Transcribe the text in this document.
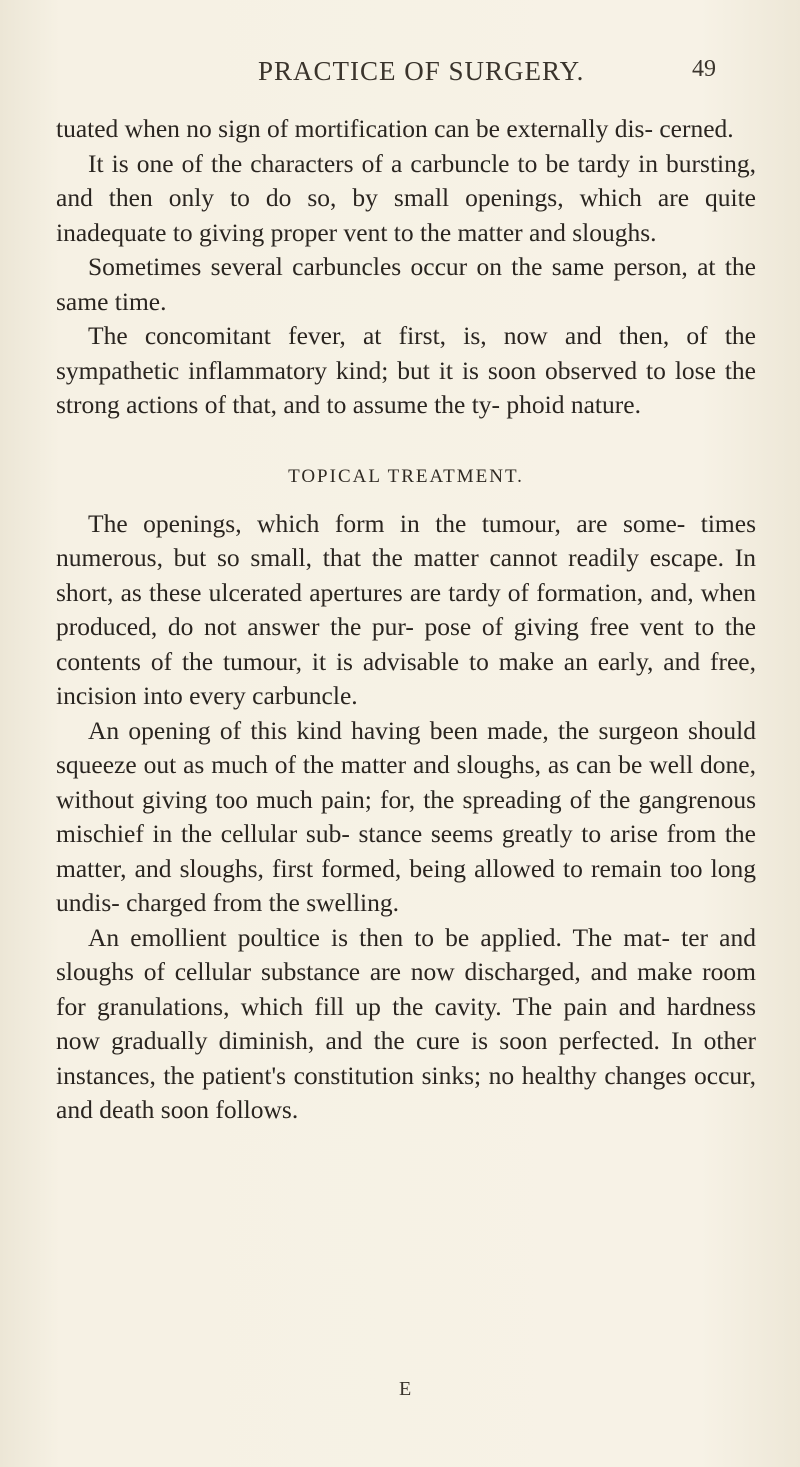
PRACTICE OF SURGERY.	49

tuated when no sign of mortification can be externally dis- cerned.

It is one of the characters of a carbuncle to be tardy in bursting, and then only to do so, by small openings, which are quite inadequate to giving proper vent to the matter and sloughs.

Sometimes several carbuncles occur on the same person, at the same time.

The concomitant fever, at first, is, now and then, of the sympathetic inflammatory kind; but it is soon observed to lose the strong actions of that, and to assume the ty- phoid nature.

TOPICAL TREATMENT.

The openings, which form in the tumour, are some- times numerous, but so small, that the matter cannot readily escape. In short, as these ulcerated apertures are tardy of formation, and, when produced, do not answer the pur- pose of giving free vent to the contents of the tumour, it is advisable to make an early, and free, incision into every carbuncle.

An opening of this kind having been made, the surgeon should squeeze out as much of the matter and sloughs, as can be well done, without giving too much pain; for, the spreading of the gangrenous mischief in the cellular sub- stance seems greatly to arise from the matter, and sloughs, first formed, being allowed to remain too long undis- charged from the swelling.

An emollient poultice is then to be applied. The mat- ter and sloughs of cellular substance are now discharged, and make room for granulations, which fill up the cavity. The pain and hardness now gradually diminish, and the cure is soon perfected. In other instances, the patient's constitution sinks; no healthy changes occur, and death soon follows.

E
